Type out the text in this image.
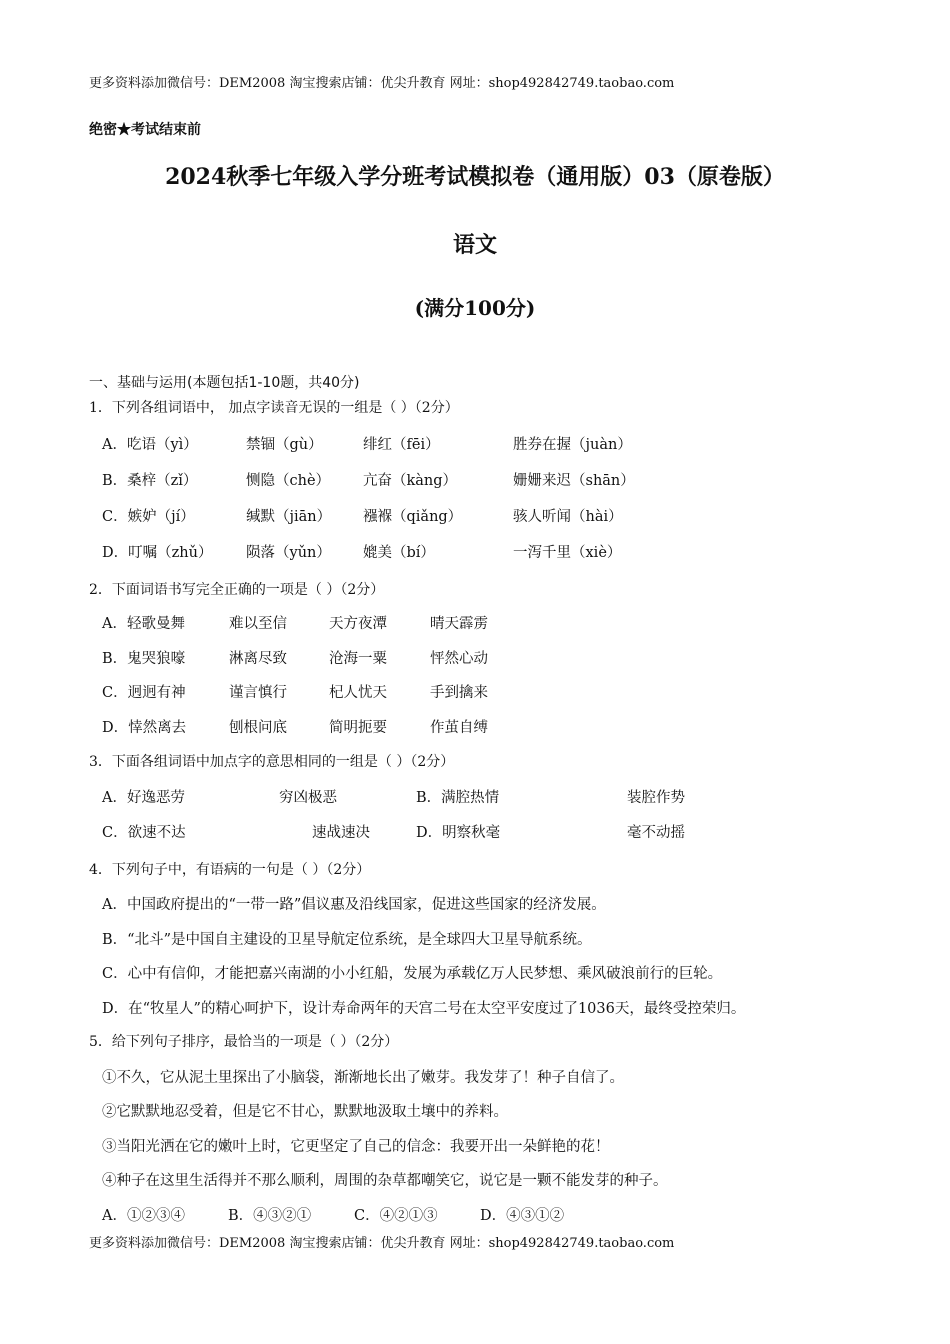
更多资料添加微信号：DEM2008 淘宝搜索店铺：优尖升教育 网址：shop492842749.taobao.com
绝密★考试结束前
2024秋季七年级入学分班考试模拟卷（通用版）03（原卷版）
语文
(满分100分)
一、基础与运用(本题包括1-10题，共40分)
1．下列各组词语中， 加点字读音无误的一组是（ ）（2分）
A．吃语（yì）	禁锢（gù）	绯红（fēi）	胜券在握（juàn）
B．桑梓（zǐ）	恻隐（chè） 亢奋（kàng）	姗姗来迟（shān）
C．嫉妒（jí）	缄默（jiān） 襁褓（qiǎng）	骇人听闻（hài）
D．叮嘱（zhǔ） 陨落（yǔn） 媲美（bí）	一泻千里（xiè）
2．下面词语书写完全正确的一项是（ ）（2分）
A．轻歌曼舞	难以至信	天方夜潭	晴天霹雳
B．鬼哭狼嚎	淋离尽致	沧海一粟	怦然心动
C．迥迥有神	谨言慎行	杞人忧天	手到擒来
D．悻然离去	刨根问底	简明扼要	作茧自缚
3．下面各组词语中加点字的意思相同的一组是（ ）（2分）
A．好逸恶劳	穷凶极恶	B．满腔热情	装腔作势
C．欲速不达	速战速决	D．明察秋毫	毫不动摇
4．下列句子中，有语病的一句是（ ）（2分）
A．中国政府提出的“一带一路”倡议惠及沿线国家，促进这些国家的经济发展。
B．“北斗”是中国自主建设的卫星导航定位系统，是全球四大卫星导航系统。
C．心中有信仰，才能把嘉兴南湖的小小红船，发展为承载亿万人民梦想、乘风破浪前行的巨轮。
D．在“牧星人”的精心呵护下，设计寿命两年的天宫二号在太空平安度过了1036天，最终受控荣归。
5．给下列句子排序，最恰当的一项是（ ）（2分）
①不久，它从泥土里探出了小脑袋，渐渐地长出了嫩芽。我发芽了！种子自信了。
②它默默地忍受着，但是它不甘心，默默地汲取土壤中的养料。
③当阳光洒在它的嫩叶上时，它更坚定了自己的信念：我要开出一朵鲜艳的花！
④种子在这里生活得并不那么顺利，周围的杂草都嘲笑它，说它是一颗不能发芽的种子。
A．①②③④	B．④③②①	C．④②①③	D．④③①②
更多资料添加微信号：DEM2008 淘宝搜索店铺：优尖升教育 网址：shop492842749.taobao.com
